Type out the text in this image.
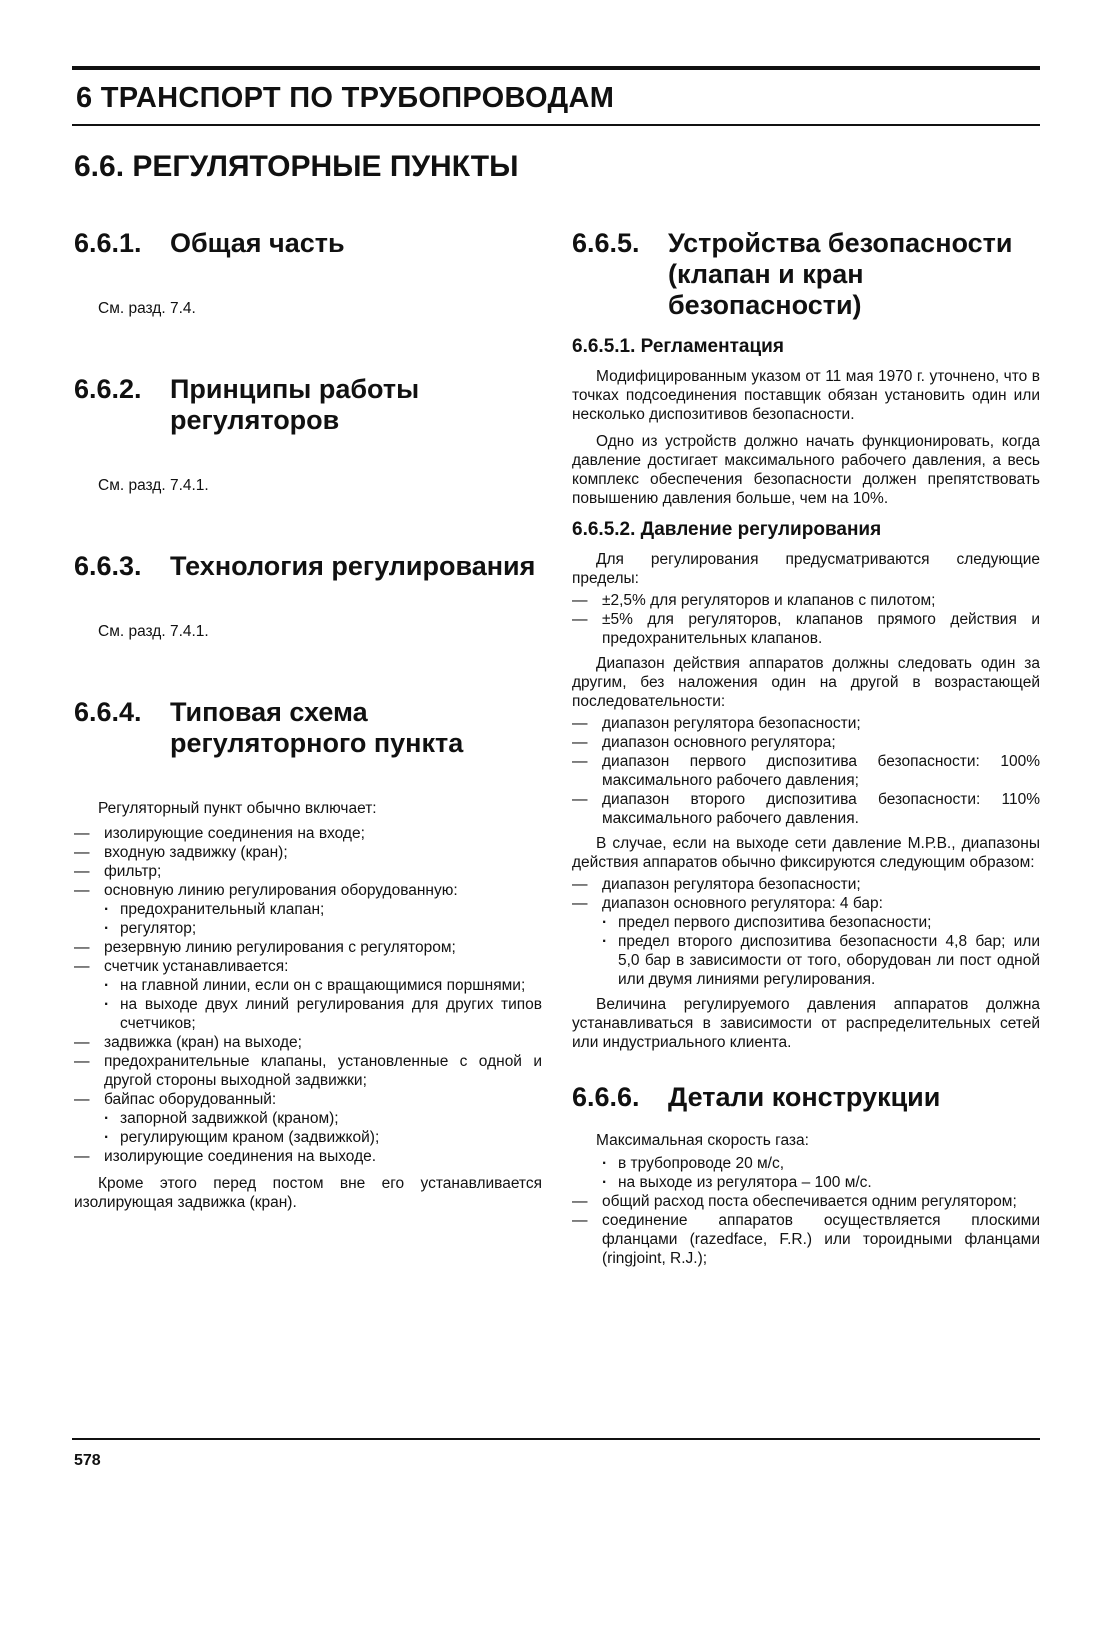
6 ТРАНСПОРТ ПО ТРУБОПРОВОДАМ
6.6. РЕГУЛЯТОРНЫЕ ПУНКТЫ
6.6.1.	Общая часть

См. разд. 7.4.

6.6.2.	Принципы работы регуляторов

См. разд. 7.4.1.

6.6.3.	Технология регулирования

См. разд. 7.4.1.

6.6.4.	Типовая схема регуляторного пункта

Регуляторный пункт обычно включает:

— изолирующие соединения на входе;
— входную задвижку (кран);
— фильтр;
— основную линию регулирования оборудованную:
· предохранительный клапан;
· регулятор;
— резервную линию регулирования с регулятором;
— счетчик устанавливается:
· на главной линии, если он с вращающимися поршнями;
· на выходе двух линий регулирования для других типов счетчиков;
— задвижка (кран) на выходе;
— предохранительные клапаны, установленные с одной и другой стороны выходной задвижки;
— байпас оборудованный:
· запорной задвижкой (краном);
· регулирующим краном (задвижкой);
— изолирующие соединения на выходе.

Кроме этого перед постом вне его устанавливается изолирующая задвижка (кран).

6.6.5.	Устройства безопасности (клапан и кран безопасности)
6.6.5.1. Регламентация

Модифицированным указом от 11 мая 1970 г. уточнено, что в точках подсоединения поставщик обязан установить один или несколько диспозитивов безопасности.

Одно из устройств должно начать функционировать, когда давление достигает максимального рабочего давления, а весь комплекс обеспечения безопасности должен препятствовать повышению давления больше, чем на 10%.

6.6.5.2. Давление регулирования

Для регулирования предусматриваются следующие пределы:

— ±2,5% для регуляторов и клапанов с пилотом;
— ±5% для регуляторов, клапанов прямого действия и предохранительных клапанов.

Диапазон действия аппаратов должны следовать один за другим, без наложения один на другой в возрастающей последовательности:

— диапазон регулятора безопасности;
— диапазон основного регулятора;
— диапазон первого диспозитива безопасности: 100% максимального рабочего давления;
— диапазон второго диспозитива безопасности: 110% максимального рабочего давления.

В случае, если на выходе сети давление М.Р.В., диапазоны действия аппаратов обычно фиксируются следующим образом:

— диапазон регулятора безопасности;
— диапазон основного регулятора: 4 бар:
· предел первого диспозитива безопасности;
· предел второго диспозитива безопасности 4,8 бар; или 5,0 бар в зависимости от того, оборудован ли пост одной или двумя линиями регулирования.

Величина регулируемого давления аппаратов должна устанавливаться в зависимости от распределительных сетей или индустриального клиента.

6.6.6.	Детали конструкции

Максимальная скорость газа:

· в трубопроводе 20 м/с,
· на выходе из регулятора – 100 м/с.
— общий расход поста обеспечивается одним регулятором;
— соединение аппаратов осуществляется плоскими фланцами (razedface, F.R.) или тороидными фланцами (ringjoint, R.J.);
578
